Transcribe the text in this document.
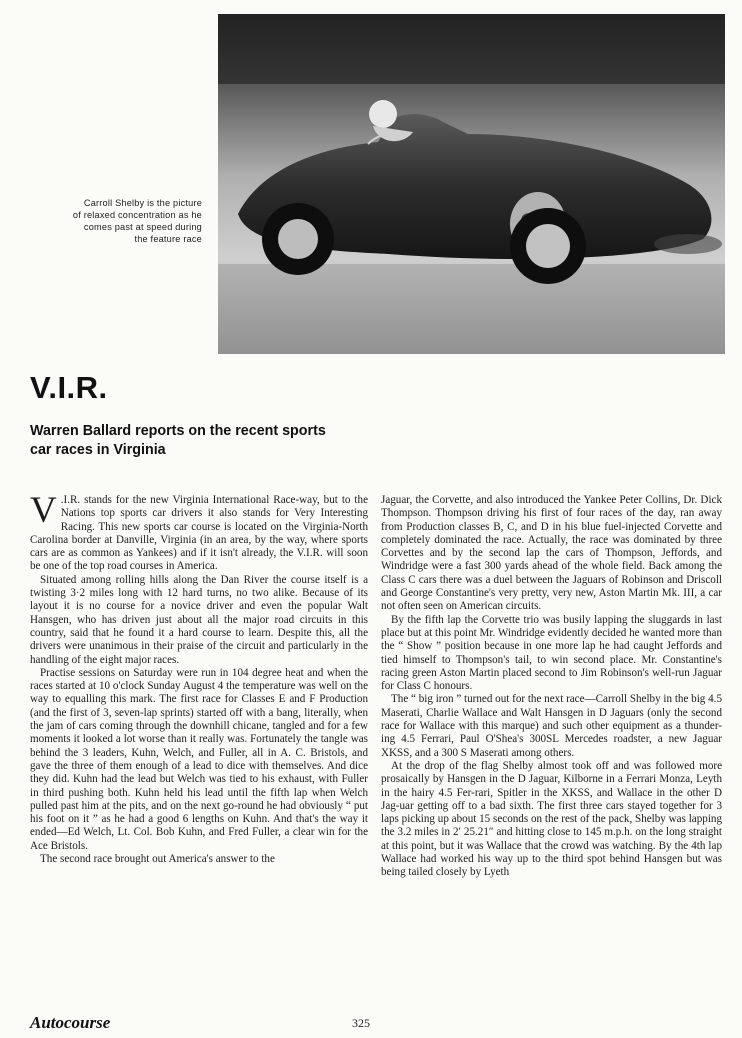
Carroll Shelby is the picture
of relaxed concentration as he
comes past at speed during
the feature race
V.I.R.
Warren Ballard reports on the recent sports
car races in Virginia

V .I.R. stands for the new Virginia International Race-way, but to the Nations top sports car drivers it also stands for Very Interesting Racing. This new sports car course is located on the Virginia-North Carolina border at Danville, Virginia (in an area, by the way, where sports cars are as common as Yankees) and if it isn't already, the V.I.R. will soon be one of the top road courses in America.

Situated among rolling hills along the Dan River the course itself is a twisting 3·2 miles long with 12 hard turns, no two alike. Because of its layout it is no course for a novice driver and even the popular Walt Hansgen, who has driven just about all the major road circuits in this country, said that he found it a hard course to learn. Despite this, all the drivers were unanimous in their praise of the circuit and particularly in the handling of the eight major races.

Practise sessions on Saturday were run in 104 degree heat and when the races started at 10 o'clock Sunday August 4 the temperature was well on the way to equalling this mark. The first race for Classes E and F Production (and the first of 3, seven-lap sprints) started off with a bang, literally, when the jam of cars coming through the downhill chicane, tangled and for a few moments it looked a lot worse than it really was. Fortunately the tangle was behind the 3 leaders, Kuhn, Welch, and Fuller, all in A. C. Bristols, and gave the three of them enough of a lead to dice with themselves. And dice they did. Kuhn had the lead but Welch was tied to his exhaust, with Fuller in third pushing both. Kuhn held his lead until the fifth lap when Welch pulled past him at the pits, and on the next go-round he had obviously “ put his foot on it ” as he had a good 6 lengths on Kuhn. And that's the way it ended—Ed Welch, Lt. Col. Bob Kuhn, and Fred Fuller, a clear win for the Ace Bristols.

The second race brought out America's answer to the

Jaguar, the Corvette, and also introduced the Yankee Peter Collins, Dr. Dick Thompson. Thompson driving his first of four races of the day, ran away from Production classes B, C, and D in his blue fuel-injected Corvette and completely dominated the race. Actually, the race was dominated by three Corvettes and by the second lap the cars of Thompson, Jeffords, and Windridge were a fast 300 yards ahead of the whole field. Back among the Class C cars there was a duel between the Jaguars of Robinson and Driscoll and George Constantine's very pretty, very new, Aston Martin Mk. III, a car not often seen on American circuits.

By the fifth lap the Corvette trio was busily lapping the sluggards in last place but at this point Mr. Windridge evidently decided he wanted more than the “ Show ” position because in one more lap he had caught Jeffords and tied himself to Thompson's tail, to win second place. Mr. Constantine's racing green Aston Martin placed second to Jim Robinson's well-run Jaguar for Class C honours.

The “ big iron ” turned out for the next race—Carroll Shelby in the big 4.5 Maserati, Charlie Wallace and Walt Hansgen in D Jaguars (only the second race for Wallace with this marque) and such other equipment as a thunder-ing 4.5 Ferrari, Paul O'Shea's 300SL Mercedes roadster, a new Jaguar XKSS, and a 300 S Maserati among others.

At the drop of the flag Shelby almost took off and was followed more prosaically by Hansgen in the D Jaguar, Kilborne in a Ferrari Monza, Leyth in the hairy 4.5 Fer-rari, Spitler in the XKSS, and Wallace in the other D Jag-uar getting off to a bad sixth. The first three cars stayed together for 3 laps picking up about 15 seconds on the rest of the pack, Shelby was lapping the 3.2 miles in 2′ 25.21″ and hitting close to 145 m.p.h. on the long straight at this point, but it was Wallace that the crowd was watching. By the 4th lap Wallace had worked his way up to the third spot behind Hansgen but was being tailed closely by Lyeth

Autocourse	325
